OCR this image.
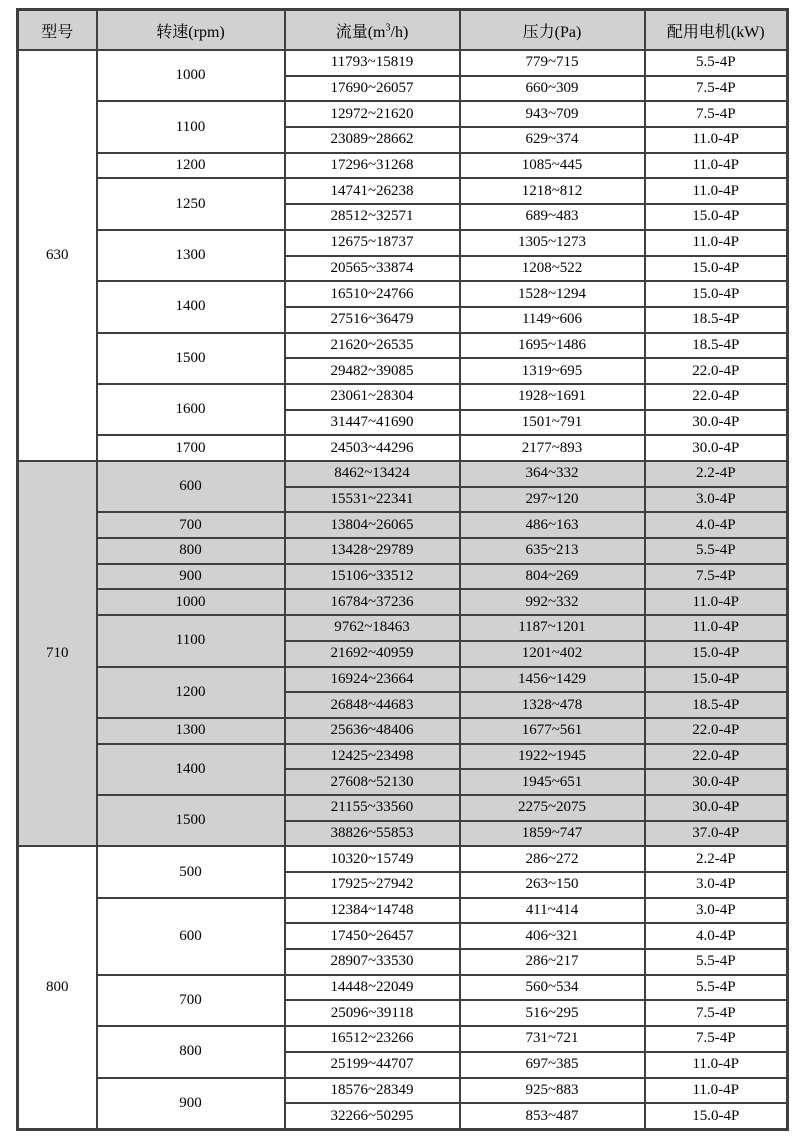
型号	转速(rpm)	流量$(m^3/h)$	压力(Pa)	配用电机(kW)
630	1000	11793~15819	779~715	5.5-4P
		17690~26057	660~309	7.5-4P
	1100	12972~21620	943~709	7.5-4P
		23089~28662	629~374	11.0-4P
	1200	17296~31268	1085~445	11.0-4P
	1250	14741~26238	1218~812	11.0-4P
		28512~32571	689~483	15.0-4P
	1300	12675~18737	1305~1273	11.0-4P
		20565~33874	1208~522	15.0-4P
	1400	16510~24766	1528~1294	15.0-4P
		27516~36479	1149~606	18.5-4P
	1500	21620~26535	1695~1486	18.5-4P
		29482~39085	1319~695	22.0-4P
	1600	23061~28304	1928~1691	22.0-4P
		31447~41690	1501~791	30.0-4P
	1700	24503~44296	2177~893	30.0-4P
710	600	8462~13424	364~332	2.2-4P
		15531~22341	297~120	3.0-4P
	700	13804~26065	486~163	4.0-4P
	800	13428~29789	635~213	5.5-4P
	900	15106~33512	804~269	7.5-4P
	1000	16784~37236	992~332	11.0-4P
	1100	9762~18463	1187~1201	11.0-4P
		21692~40959	1201~402	15.0-4P
	1200	16924~23664	1456~1429	15.0-4P
		26848~44683	1328~478	18.5-4P
	1300	25636~48406	1677~561	22.0-4P
	1400	12425~23498	1922~1945	22.0-4P
		27608~52130	1945~651	30.0-4P
	1500	21155~33560	2275~2075	30.0-4P
		38826~55853	1859~747	37.0-4P
800	500	10320~15749	286~272	2.2-4P
		17925~27942	263~150	3.0-4P
	600	12384~14748	411~414	3.0-4P
		17450~26457	406~321	4.0-4P
		28907~33530	286~217	5.5-4P
	700	14448~22049	560~534	5.5-4P
		25096~39118	516~295	7.5-4P
	800	16512~23266	731~721	7.5-4P
		25199~44707	697~385	11.0-4P
	900	18576~28349	925~883	11.0-4P
		32266~50295	853~487	15.0-4P
